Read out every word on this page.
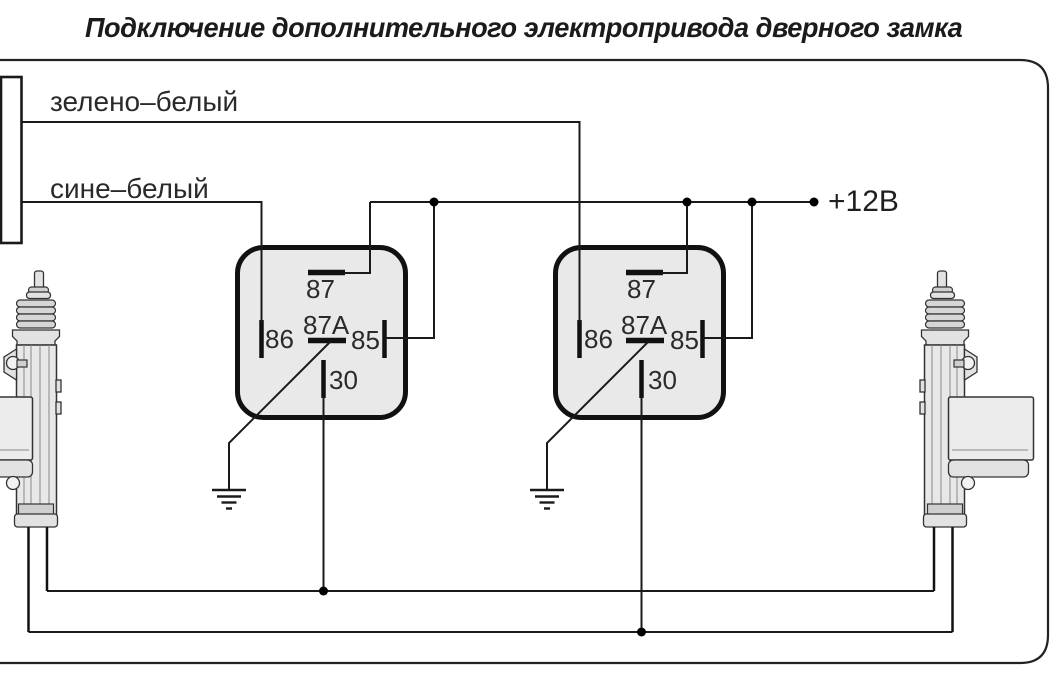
Подключение дополнительного электропривода дверного замка
зелено–белый
сине–белый	+12В
87
86 87A 85
30
87
86 87A 85
30
